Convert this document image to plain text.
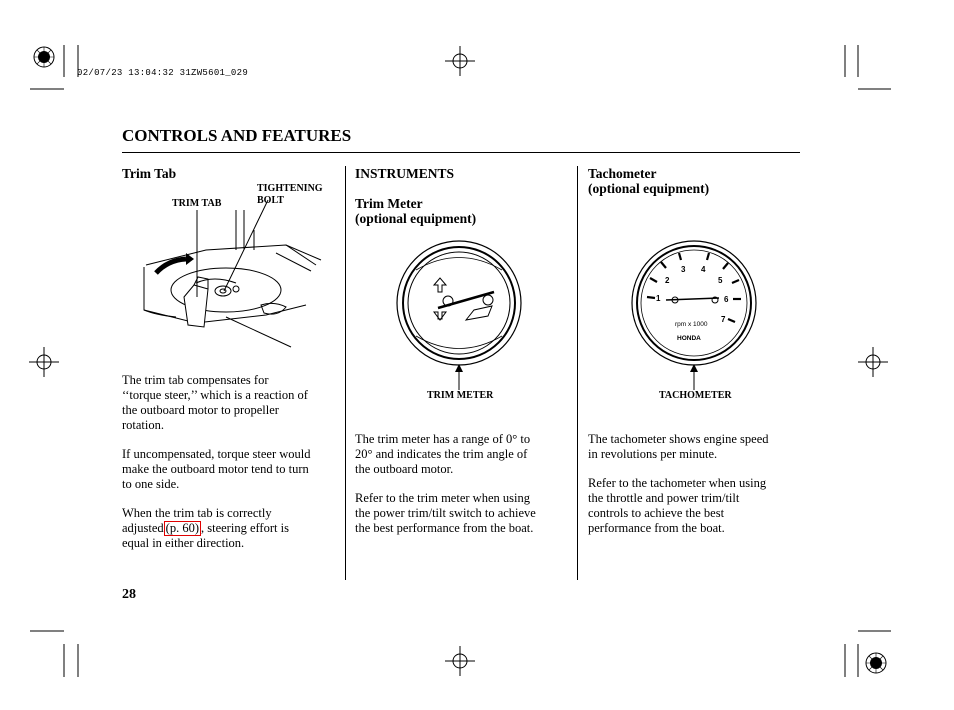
02/07/23 13:04:32 31ZW5601_029
CONTROLS AND FEATURES
Trim Tab
TRIM TAB
TIGHTENING
BOLT
The trim tab compensates for
‘‘torque steer,’’ which is a reaction of
the outboard motor to propeller
rotation.
If uncompensated, torque steer would
make the outboard motor tend to turn
to one side.
When the trim tab is correctly
adjusted (p. 60) , steering effort is
equal in either direction.
INSTRUMENTS
Trim Meter
(optional equipment)
TRIM METER
The trim meter has a range of 0° to
20° and indicates the trim angle of
the outboard motor.
Refer to the trim meter when using
the power trim/tilt switch to achieve
the best performance from the boat.
Tachometer
(optional equipment)
1
2
3 4
5
6
7
rpm x 1000
HONDA
TACHOMETER
The tachometer shows engine speed
in revolutions per minute.
Refer to the tachometer when using
the throttle and power trim/tilt
controls to achieve the best
performance from the boat.
28
